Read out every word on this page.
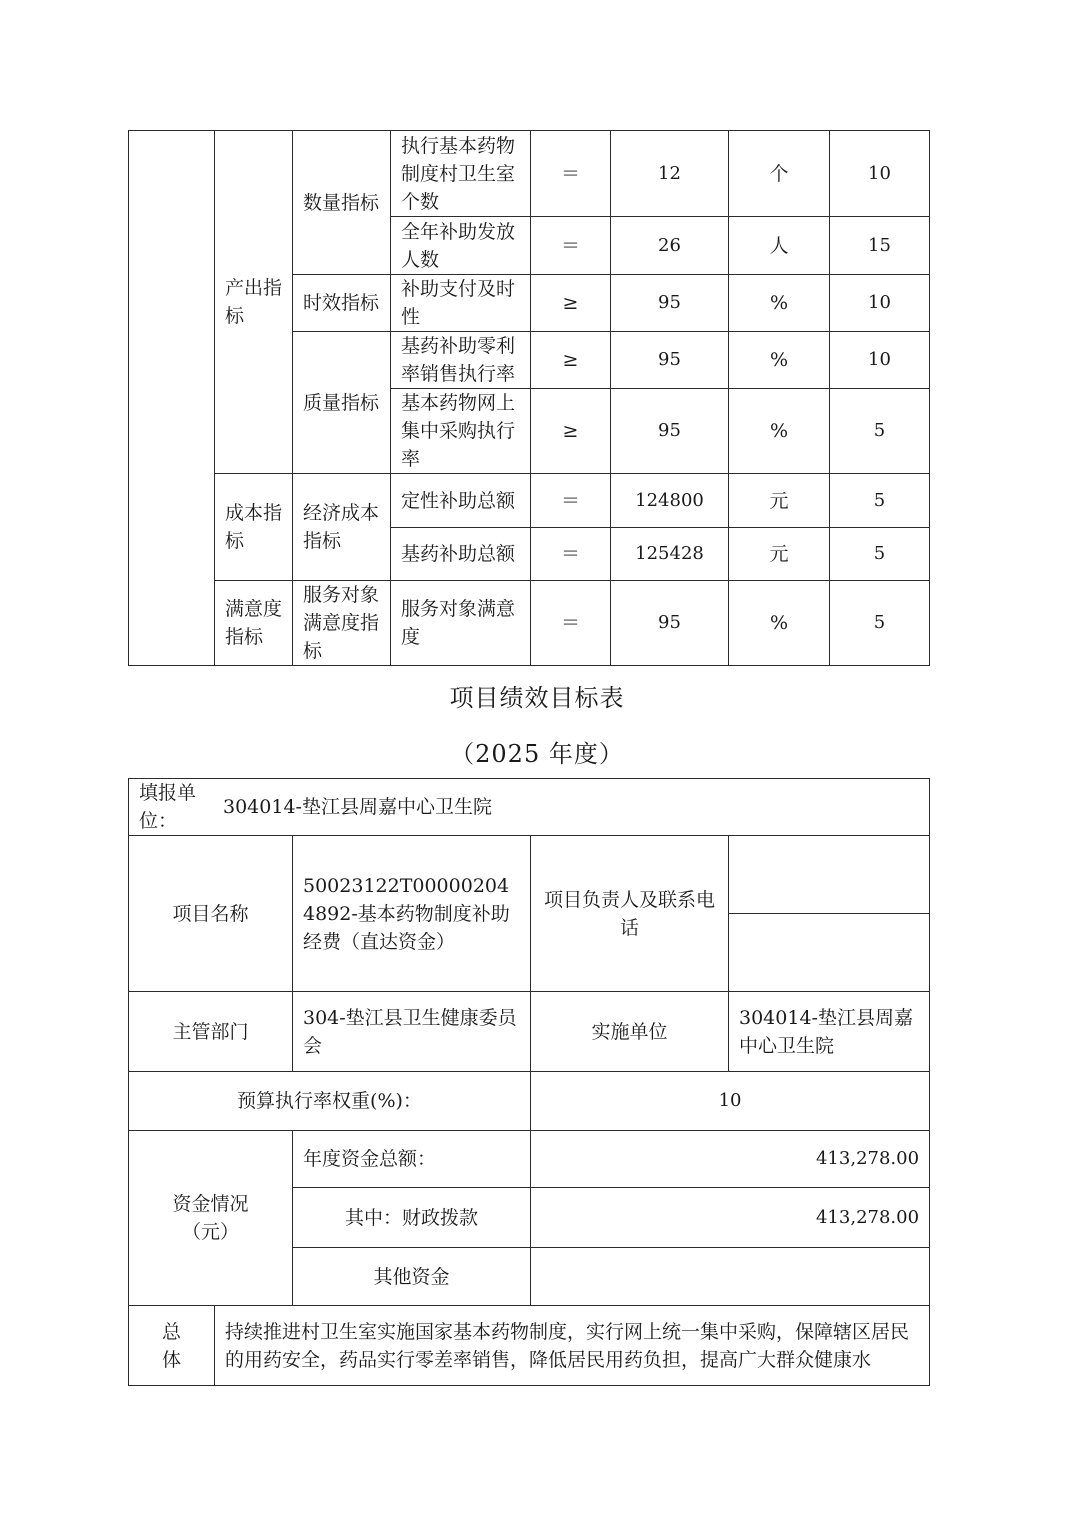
	产出指标	数量指标	执行基本药物制度村卫生室个数	＝	12	个	10
			全年补助发放人数	＝	26	人	15
		时效指标	补助支付及时性	≥	95	%	10
		质量指标	基药补助零利率销售执行率	≥	95	%	10
			基本药物网上集中采购执行率	≥	95	%	5
	成本指标	经济成本指标	定性补助总额	＝	124800	元	5
			基药补助总额	＝	125428	元	5
	满意度指标	服务对象满意度指标	服务对象满意度	＝	95	%	5
项目绩效目标表
（2025 年度）
填报单位：
304014-垫江县周嘉中心卫生院				

项目名称		50023122T000002044892-基本药物制度补助经费（直达资金）	项目负责人及联系电话	

主管部门		304-垫江县卫生健康委员会	实施单位	304014-垫江县周嘉中心卫生院
预算执行率权重(%)：			10	
资金情况（元）		年度资金总额：	413,278.00	
		其中：财政拨款	413,278.00	
		其他资金		
总体	持续推进村卫生室实施国家基本药物制度，实行网上统一集中采购，保障辖区居民的用药安全，药品实行零差率销售，降低居民用药负担，提高广大群众健康水			
